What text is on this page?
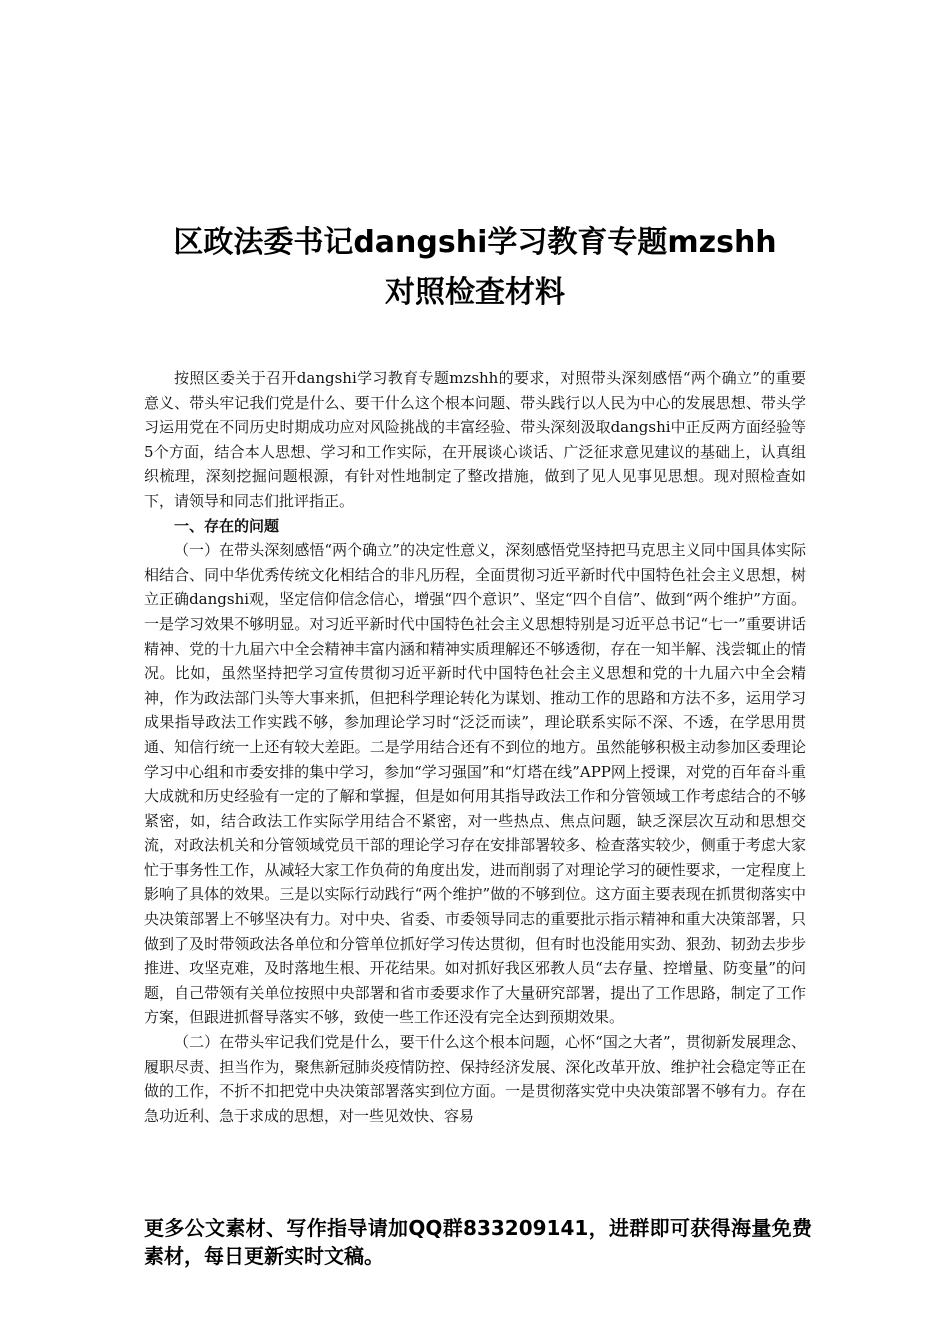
区政法委书记dangshi学习教育专题mzshh
对照检查材料

按照区委关于召开dangshi学习教育专题mzshh的要求，对照带头深刻感悟“两个确立”的重要意义、带头牢记我们党是什么、要干什么这个根本问题、带头践行以人民为中心的发展思想、带头学习运用党在不同历史时期成功应对风险挑战的丰富经验、带头深刻汲取dangshi中正反两方面经验等5个方面，结合本人思想、学习和工作实际，在开展谈心谈话、广泛征求意见建议的基础上，认真组织梳理，深刻挖掘问题根源，有针对性地制定了整改措施，做到了见人见事见思想。现对照检查如下，请领导和同志们批评指正。

一、存在的问题

（一）在带头深刻感悟“两个确立”的决定性意义，深刻感悟党坚持把马克思主义同中国具体实际相结合、同中华优秀传统文化相结合的非凡历程，全面贯彻习近平新时代中国特色社会主义思想，树立正确dangshi观，坚定信仰信念信心，增强“四个意识”、坚定“四个自信”、做到“两个维护”方面。一是学习效果不够明显。对习近平新时代中国特色社会主义思想特别是习近平总书记“七一”重要讲话精神、党的十九届六中全会精神丰富内涵和精神实质理解还不够透彻，存在一知半解、浅尝辄止的情况。比如，虽然坚持把学习宣传贯彻习近平新时代中国特色社会主义思想和党的十九届六中全会精神，作为政法部门头等大事来抓，但把科学理论转化为谋划、推动工作的思路和方法不多，运用学习成果指导政法工作实践不够，参加理论学习时“泛泛而读”，理论联系实际不深、不透，在学思用贯通、知信行统一上还有较大差距。二是学用结合还有不到位的地方。虽然能够积极主动参加区委理论学习中心组和市委安排的集中学习，参加“学习强国”和“灯塔在线”APP网上授课，对党的百年奋斗重大成就和历史经验有一定的了解和掌握，但是如何用其指导政法工作和分管领域工作考虑结合的不够紧密，如，结合政法工作实际学用结合不紧密，对一些热点、焦点问题，缺乏深层次互动和思想交流，对政法机关和分管领域党员干部的理论学习存在安排部署较多、检查落实较少，侧重于考虑大家忙于事务性工作，从减轻大家工作负荷的角度出发，进而削弱了对理论学习的硬性要求，一定程度上影响了具体的效果。三是以实际行动践行“两个维护”做的不够到位。这方面主要表现在抓贯彻落实中央决策部署上不够坚决有力。对中央、省委、市委领导同志的重要批示指示精神和重大决策部署，只做到了及时带领政法各单位和分管单位抓好学习传达贯彻，但有时也没能用实劲、狠劲、韧劲去步步推进、攻坚克难，及时落地生根、开花结果。如对抓好我区邪教人员“去存量、控增量、防变量”的问题，自己带领有关单位按照中央部署和省市委要求作了大量研究部署，提出了工作思路，制定了工作方案，但跟进抓督导落实不够，致使一些工作还没有完全达到预期效果。

（二）在带头牢记我们党是什么，要干什么这个根本问题，心怀“国之大者”，贯彻新发展理念、履职尽责、担当作为，聚焦新冠肺炎疫情防控、保持经济发展、深化改革开放、维护社会稳定等正在做的工作，不折不扣把党中央决策部署落实到位方面。一是贯彻落实党中央决策部署不够有力。存在急功近利、急于求成的思想，对一些见效快、容易

更多公文素材、写作指导请加QQ群833209141，进群即可获得海量免费素材，每日更新实时文稿。
